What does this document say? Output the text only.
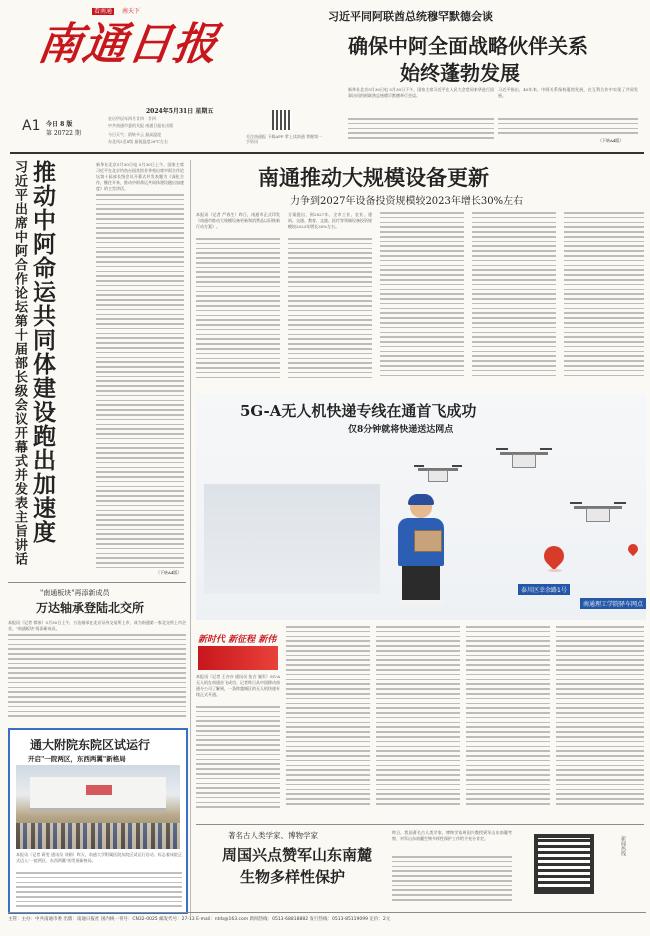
看南通 南天下
南通日报
A1 今日 8 版
第 20722 期
2024年5月31日 星期五
农历甲辰年四月廿四 · 廿四
中共南通市委机关报 南通日报社出版
今日天气：阴转多云 最高温度
东北风3至4级 最低温度28℃左右
关注南通报 下载APP 掌上读南通 掌握第一手资讯
习近平同阿联酋总统穆罕默德会谈
确保中阿全面战略伙伴关系
始终蓬勃发展
新华社北京5月30日电 5月30日下午，国家主席习近平在人民大会堂同来华进行国事访问的阿联酋总统穆罕默德举行会谈。
习近平指出，40年来，中阿关系保持蓬勃发展，在互利合作中实现了共同发展。
（下转A4版）
习近平出席中阿合作论坛第十届部长级会议开幕式并发表主旨讲话 推动中阿命运共同体建设跑出加速度	新华社北京5月30日电 5月30日上午，国家主席习近平在北京钓鱼台国宾馆芳华苑出席中阿合作论坛第十届部长级会议开幕式并发表题为《深化合作，继往开来，推动中阿命运共同体建设跑出加速度》的主旨讲话。
（下转A4版）
"南通板块"再添新成员
万达轴承登陆北交所
本报讯（记者 徐冰）5月30日上午，万达轴承在北京证券交易所上市，成为南通第一家北交所上市企业，"南通板块"再添新成员。
通大附院东院区试运行
开启"一院两区，东西两翼"新格局
本报讯（记者 蒋雯 通讯员 刘娟）昨天，南通大学附属医院东院区试运行启动，标志着该院正式迈入"一院两区、东西两翼"的发展新格局。
南通推动大规模设备更新
力争到2027年设备投资规模较2023年增长30%左右
本报讯（记者 严春生）昨日，南通市正式印发《南通市推动大规模设备更新和消费品以旧换新行动方案》。
方案提出，到2027年，全市工业、农业、建筑、交通、教育、文旅、医疗等领域设备投资规模较2023年增长30%左右。
5G-A无人机快递专线在通首飞成功
仅8分钟就将快递送达网点
泰川区幸余路1号
南通理工学院驿车网点
新时代 新征程 新伟
本报讯（记者 王亦亦 通讯员 张吉 施军）5G-A无人机在南通首飞成功，记者昨日从中国移动南通分公司了解到，一条跨越城区的无人机快递专线正式开通。
著名古人类学家、博物学家
周国兴点赞军山东南麓
生物多样性保护
昨日，我国著名古人类学家、博物学家周国兴教授到军山东南麓考察，对军山东南麓生物多样性保护工作给予充分肯定。	新闻热线
主管：主办：中共南通市委 出版：南通日报社 国内统一刊号：CN32-0025 邮发代号：27-13 E-mail：ntrb@163.com 新闻热线：0513-68818882 发行热线：0513-85119099 定价：2元
